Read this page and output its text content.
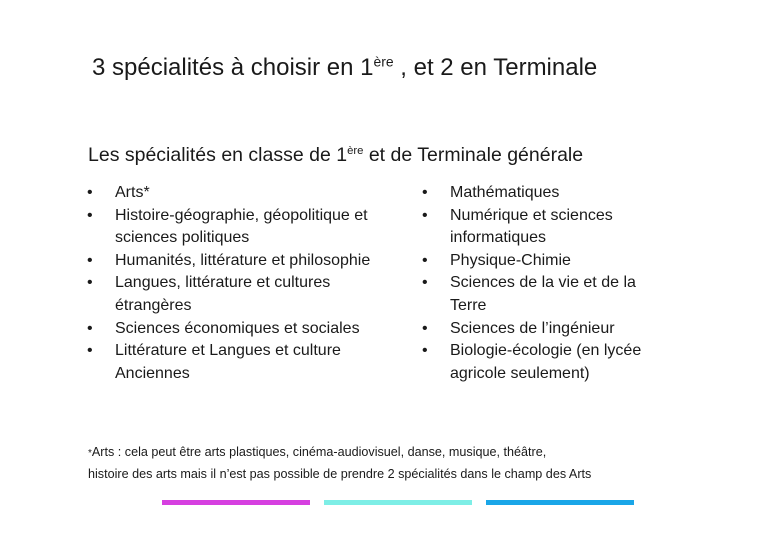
3 spécialités à choisir en 1ère , et 2 en Terminale
Les spécialités en classe de 1ère et de Terminale générale
• Arts*
• Histoire-géographie, géopolitique et sciences politiques
• Humanités, littérature et philosophie
• Langues, littérature et cultures étrangères
• Sciences économiques et sociales
• Littérature et Langues et culture Anciennes
• Mathématiques
• Numérique et sciences informatiques
• Physique-Chimie
• Sciences de la vie et de la Terre
• Sciences de l’ingénieur
• Biologie-écologie (en lycée agricole seulement)
*Arts : cela peut être arts plastiques, cinéma-audiovisuel, danse, musique, théâtre,
histoire des arts mais il n’est pas possible de prendre 2 spécialités dans le champ des Arts
